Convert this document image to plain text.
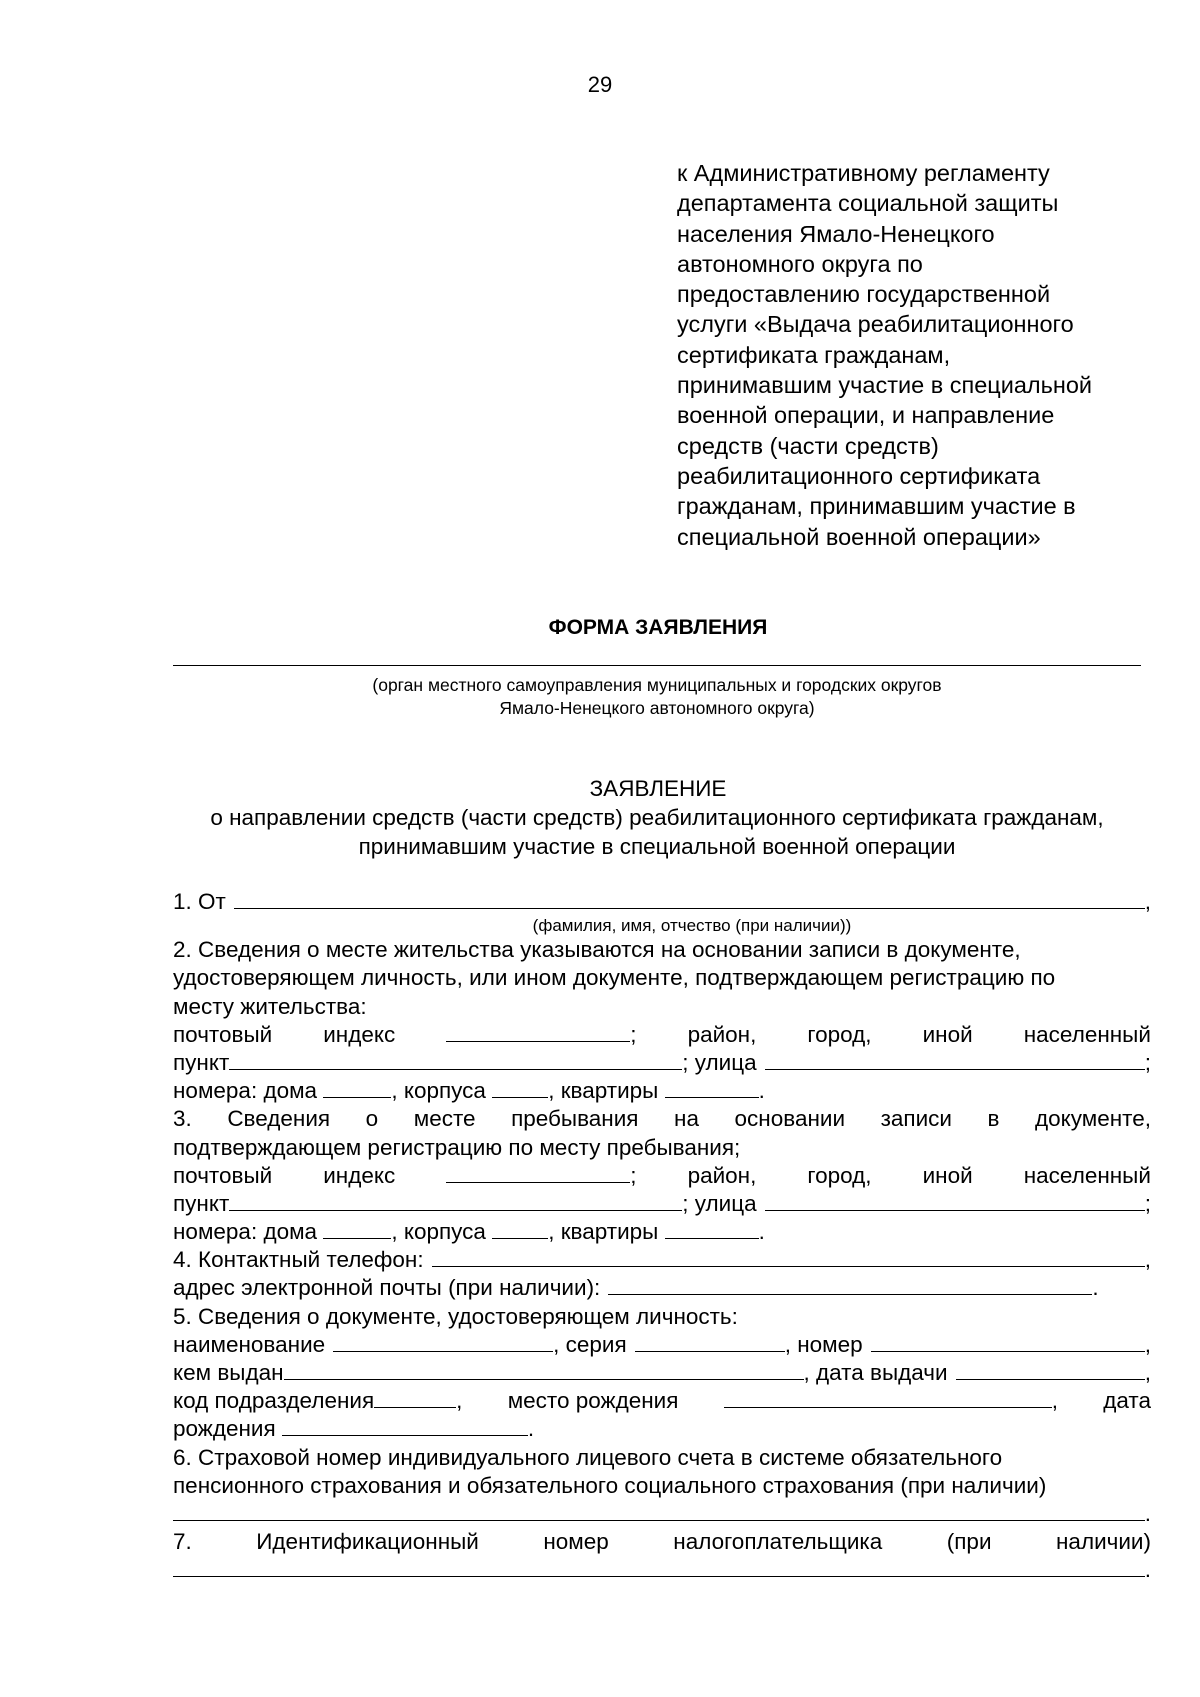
29
к Административному регламенту
департамента социальной защиты
населения Ямало-Ненецкого
автономного округа по
предоставлению государственной
услуги «Выдача реабилитационного
сертификата гражданам,
принимавшим участие в специальной
военной операции, и направление
средств (части средств)
реабилитационного сертификата
гражданам, принимавшим участие в
специальной военной операции»
ФОРМА ЗАЯВЛЕНИЯ
(орган местного самоуправления муниципальных и городских округов
Ямало-Ненецкого автономного округа)
ЗАЯВЛЕНИЕ
о направлении средств (части средств) реабилитационного сертификата гражданам,
принимавшим участие в специальной военной операции
1. От	,
(фамилия, имя, отчество (при наличии))
2. Сведения о месте жительства указываются на основании записи в документе,
удостоверяющем личность, или ином документе, подтверждающем регистрацию по
месту жительства:
почтовый индекс	; район, город, иной населенный
пункт	; улица	;
номера: дома	, корпуса	, квартиры	.
3. Сведения о месте пребывания на основании записи в документе,
подтверждающем регистрацию по месту пребывания;
почтовый индекс	; район, город, иной населенный
пункт	; улица	;
номера: дома	, корпуса	, квартиры	.
4. Контактный телефон:	,
адрес электронной почты (при наличии):	.
5. Сведения о документе, удостоверяющем личность:
наименование	, серия	, номер	,
кем выдан	, дата выдачи	,
код подразделения	, место рождения	, дата
рождения	.
6. Страховой номер индивидуального лицевого счета в системе обязательного
пенсионного страхования и обязательного социального страхования (при наличии)
.
7.	Идентификационный	номер	налогоплательщика	(при	наличии)
.
